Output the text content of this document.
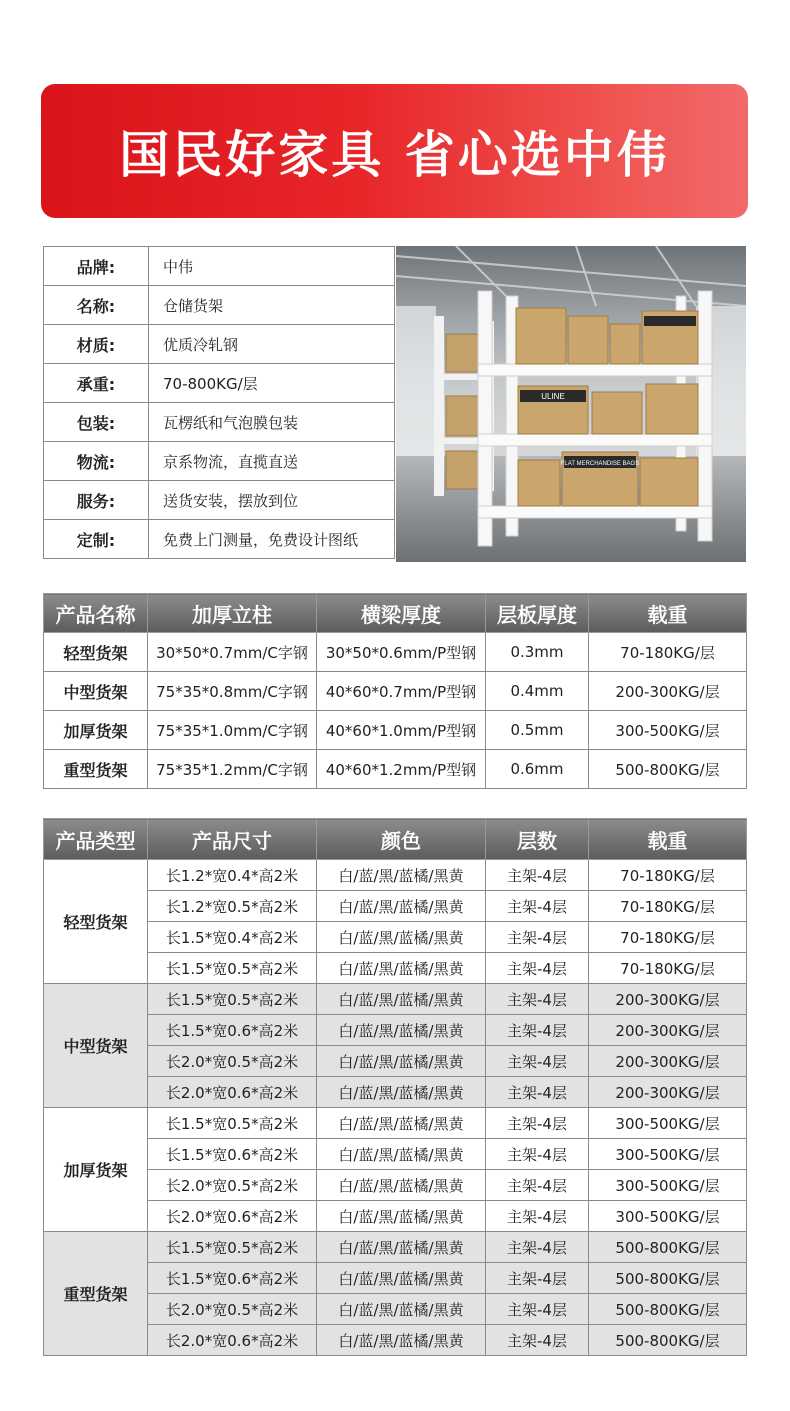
国民好家具 省心选中伟
品牌:	中伟
名称:	仓储货架
材质:	优质冷轧钢
承重:	70-800KG/层
包装:	瓦楞纸和气泡膜包装
物流:	京系物流，直揽直送
服务:	送货安装，摆放到位
定制:	免费上门测量，免费设计图纸
ULINE
FLAT MERCHANDISE BAGS
产品名称	加厚立柱	横梁厚度	层板厚度	载重
轻型货架	30*50*0.7mm/C字钢	30*50*0.6mm/P型钢	0.3mm	70-180KG/层
中型货架	75*35*0.8mm/C字钢	40*60*0.7mm/P型钢	0.4mm	200-300KG/层
加厚货架	75*35*1.0mm/C字钢	40*60*1.0mm/P型钢	0.5mm	300-500KG/层
重型货架	75*35*1.2mm/C字钢	40*60*1.2mm/P型钢	0.6mm	500-800KG/层
产品类型	产品尺寸	颜色	层数	载重
轻型货架	长1.2*宽0.4*高2米	白/蓝/黑/蓝橘/黑黄	主架-4层	70-180KG/层
	长1.2*宽0.5*高2米	白/蓝/黑/蓝橘/黑黄	主架-4层	70-180KG/层
	长1.5*宽0.4*高2米	白/蓝/黑/蓝橘/黑黄	主架-4层	70-180KG/层
	长1.5*宽0.5*高2米	白/蓝/黑/蓝橘/黑黄	主架-4层	70-180KG/层
中型货架	长1.5*宽0.5*高2米	白/蓝/黑/蓝橘/黑黄	主架-4层	200-300KG/层
	长1.5*宽0.6*高2米	白/蓝/黑/蓝橘/黑黄	主架-4层	200-300KG/层
	长2.0*宽0.5*高2米	白/蓝/黑/蓝橘/黑黄	主架-4层	200-300KG/层
	长2.0*宽0.6*高2米	白/蓝/黑/蓝橘/黑黄	主架-4层	200-300KG/层
加厚货架	长1.5*宽0.5*高2米	白/蓝/黑/蓝橘/黑黄	主架-4层	300-500KG/层
	长1.5*宽0.6*高2米	白/蓝/黑/蓝橘/黑黄	主架-4层	300-500KG/层
	长2.0*宽0.5*高2米	白/蓝/黑/蓝橘/黑黄	主架-4层	300-500KG/层
	长2.0*宽0.6*高2米	白/蓝/黑/蓝橘/黑黄	主架-4层	300-500KG/层
重型货架	长1.5*宽0.5*高2米	白/蓝/黑/蓝橘/黑黄	主架-4层	500-800KG/层
	长1.5*宽0.6*高2米	白/蓝/黑/蓝橘/黑黄	主架-4层	500-800KG/层
	长2.0*宽0.5*高2米	白/蓝/黑/蓝橘/黑黄	主架-4层	500-800KG/层
	长2.0*宽0.6*高2米	白/蓝/黑/蓝橘/黑黄	主架-4层	500-800KG/层
